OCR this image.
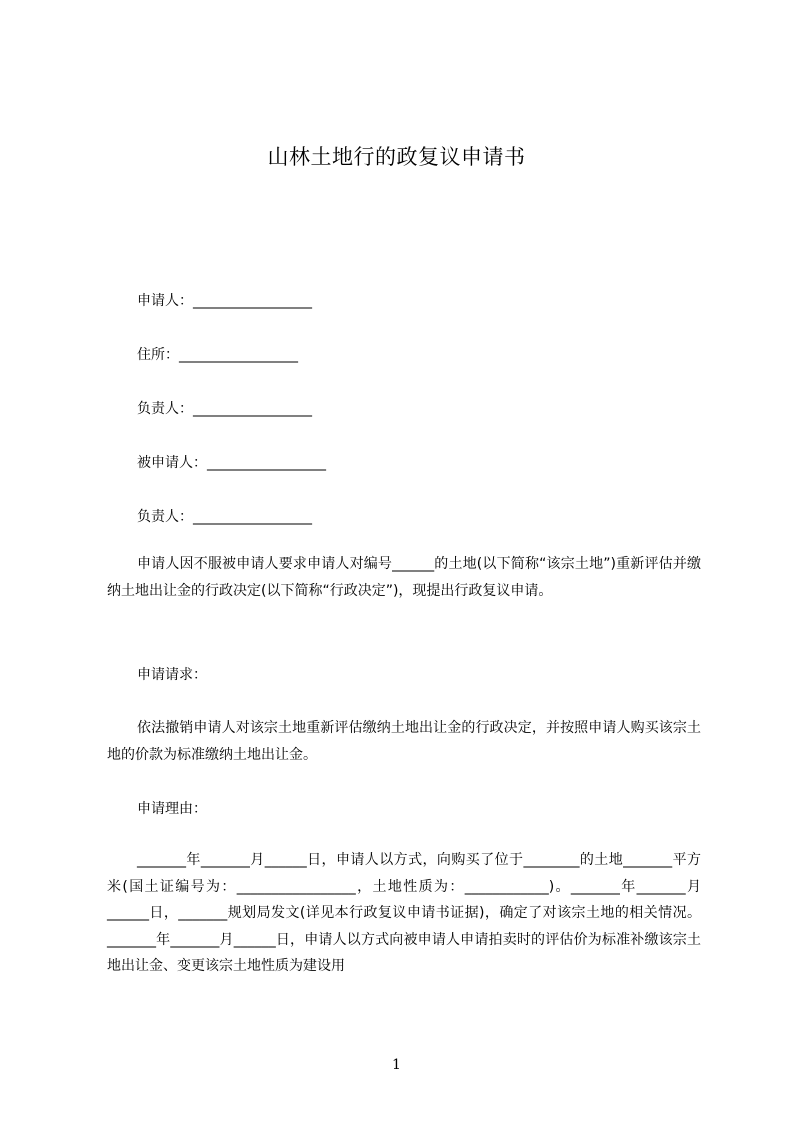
山林土地行的政复议申请书
申请人：_________________
住所：_________________
负责人：_________________
被申请人：_________________
负责人：_________________
申请人因不服被申请人要求申请人对编号______的土地(以下简称“该宗土地”)重新评估并缴纳土地出让金的行政决定(以下简称“行政决定”)，现提出行政复议申请。
申请请求：
依法撤销申请人对该宗土地重新评估缴纳土地出让金的行政决定，并按照申请人购买该宗土地的价款为标准缴纳土地出让金。
申请理由：
_______年_______月______日，申请人以方式，向购买了位于________的土地_______平方米(国土证编号为：_________________，土地性质为：____________)。_______年_______月______日，_______规划局发文(详见本行政复议申请书证据)，确定了对该宗土地的相关情况。_______年_______月______日，申请人以方式向被申请人申请拍卖时的评估价为标准补缴该宗土地出让金、变更该宗土地性质为建设用
1
